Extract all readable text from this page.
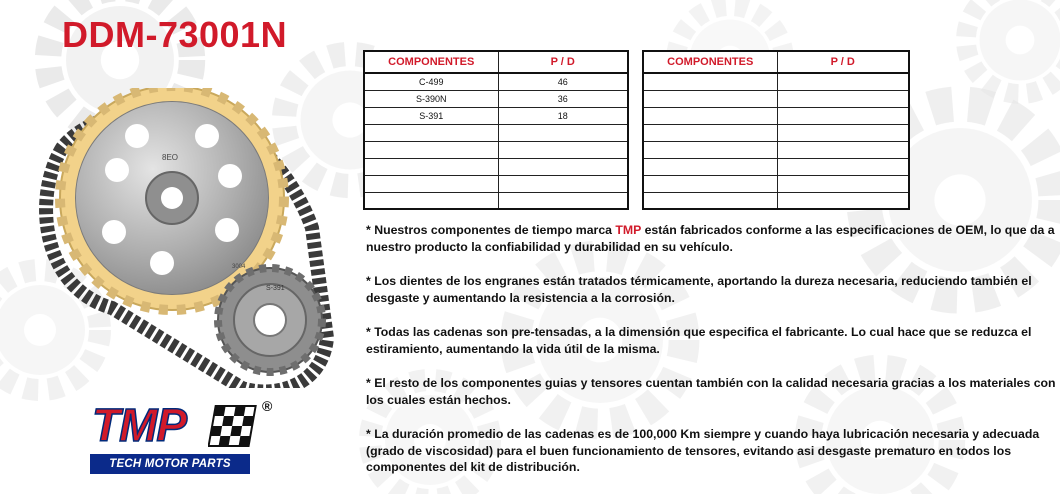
DDM-73001N
8EO
3004
S-391
TMP	®
TECH MOTOR PARTS
COMPONENTES	P / D
C-499	46
S-390N	36
S-391	18

COMPONENTES	P / D

* Nuestros componentes de tiempo marca TMP están fabricados conforme a las especificaciones de OEM, lo que da a nuestro producto la confiabilidad y durabilidad en su vehículo.

* Los dientes de los engranes están tratados térmicamente, aportando la dureza necesaria, reduciendo también el desgaste y aumentando la resistencia a la corrosión.

* Todas las cadenas son pre-tensadas, a la dimensión que especifica el fabricante. Lo cual hace que se reduzca el estiramiento, aumentando la vida útil de la misma.

* El resto de los componentes guias y tensores cuentan también con la calidad necesaria gracias a los materiales con los cuales están hechos.

* La duración promedio de las cadenas es de 100,000 Km siempre y cuando haya lubricación necesaria y adecuada (grado de viscosidad) para el buen funcionamiento de tensores, evitando asi desgaste prematuro en todos los componentes del kit de distribución.
